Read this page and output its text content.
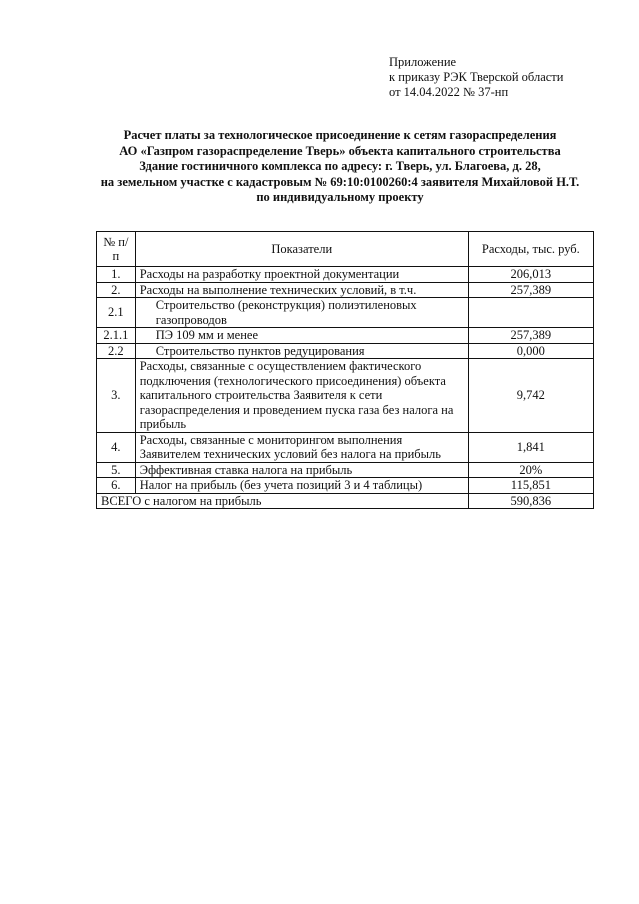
Приложение
к приказу РЭК Тверской области
от 14.04.2022 № 37-нп
Расчет платы за технологическое присоединение к сетям газораспределения
АО «Газпром газораспределение Тверь» объекта капитального строительства
Здание гостиничного комплекса по адресу: г. Тверь, ул. Благоева, д. 28,
на земельном участке с кадастровым № 69:10:0100260:4 заявителя Михайловой Н.Т.
по индивидуальному проекту
№ п/п	Показатели	Расходы, тыс. руб.
1.	Расходы на разработку проектной документации	206,013
2.	Расходы на выполнение технических условий, в т.ч.	257,389
2.1	Строительство (реконструкция) полиэтиленовых газопроводов	
2.1.1	ПЭ 109 мм и менее	257,389
2.2	Строительство пунктов редуцирования	0,000
3.	Расходы, связанные с осуществлением фактического подключения (технологического присоединения) объекта капитального строительства Заявителя к сети газораспределения и проведением пуска газа без налога на прибыль	9,742
4.	Расходы, связанные с мониторингом выполнения Заявителем технических условий без налога на прибыль	1,841
5.	Эффективная ставка налога на прибыль	20%
6.	Налог на прибыль (без учета позиций 3 и 4 таблицы)	115,851
ВСЕГО с налогом на прибыль		590,836
